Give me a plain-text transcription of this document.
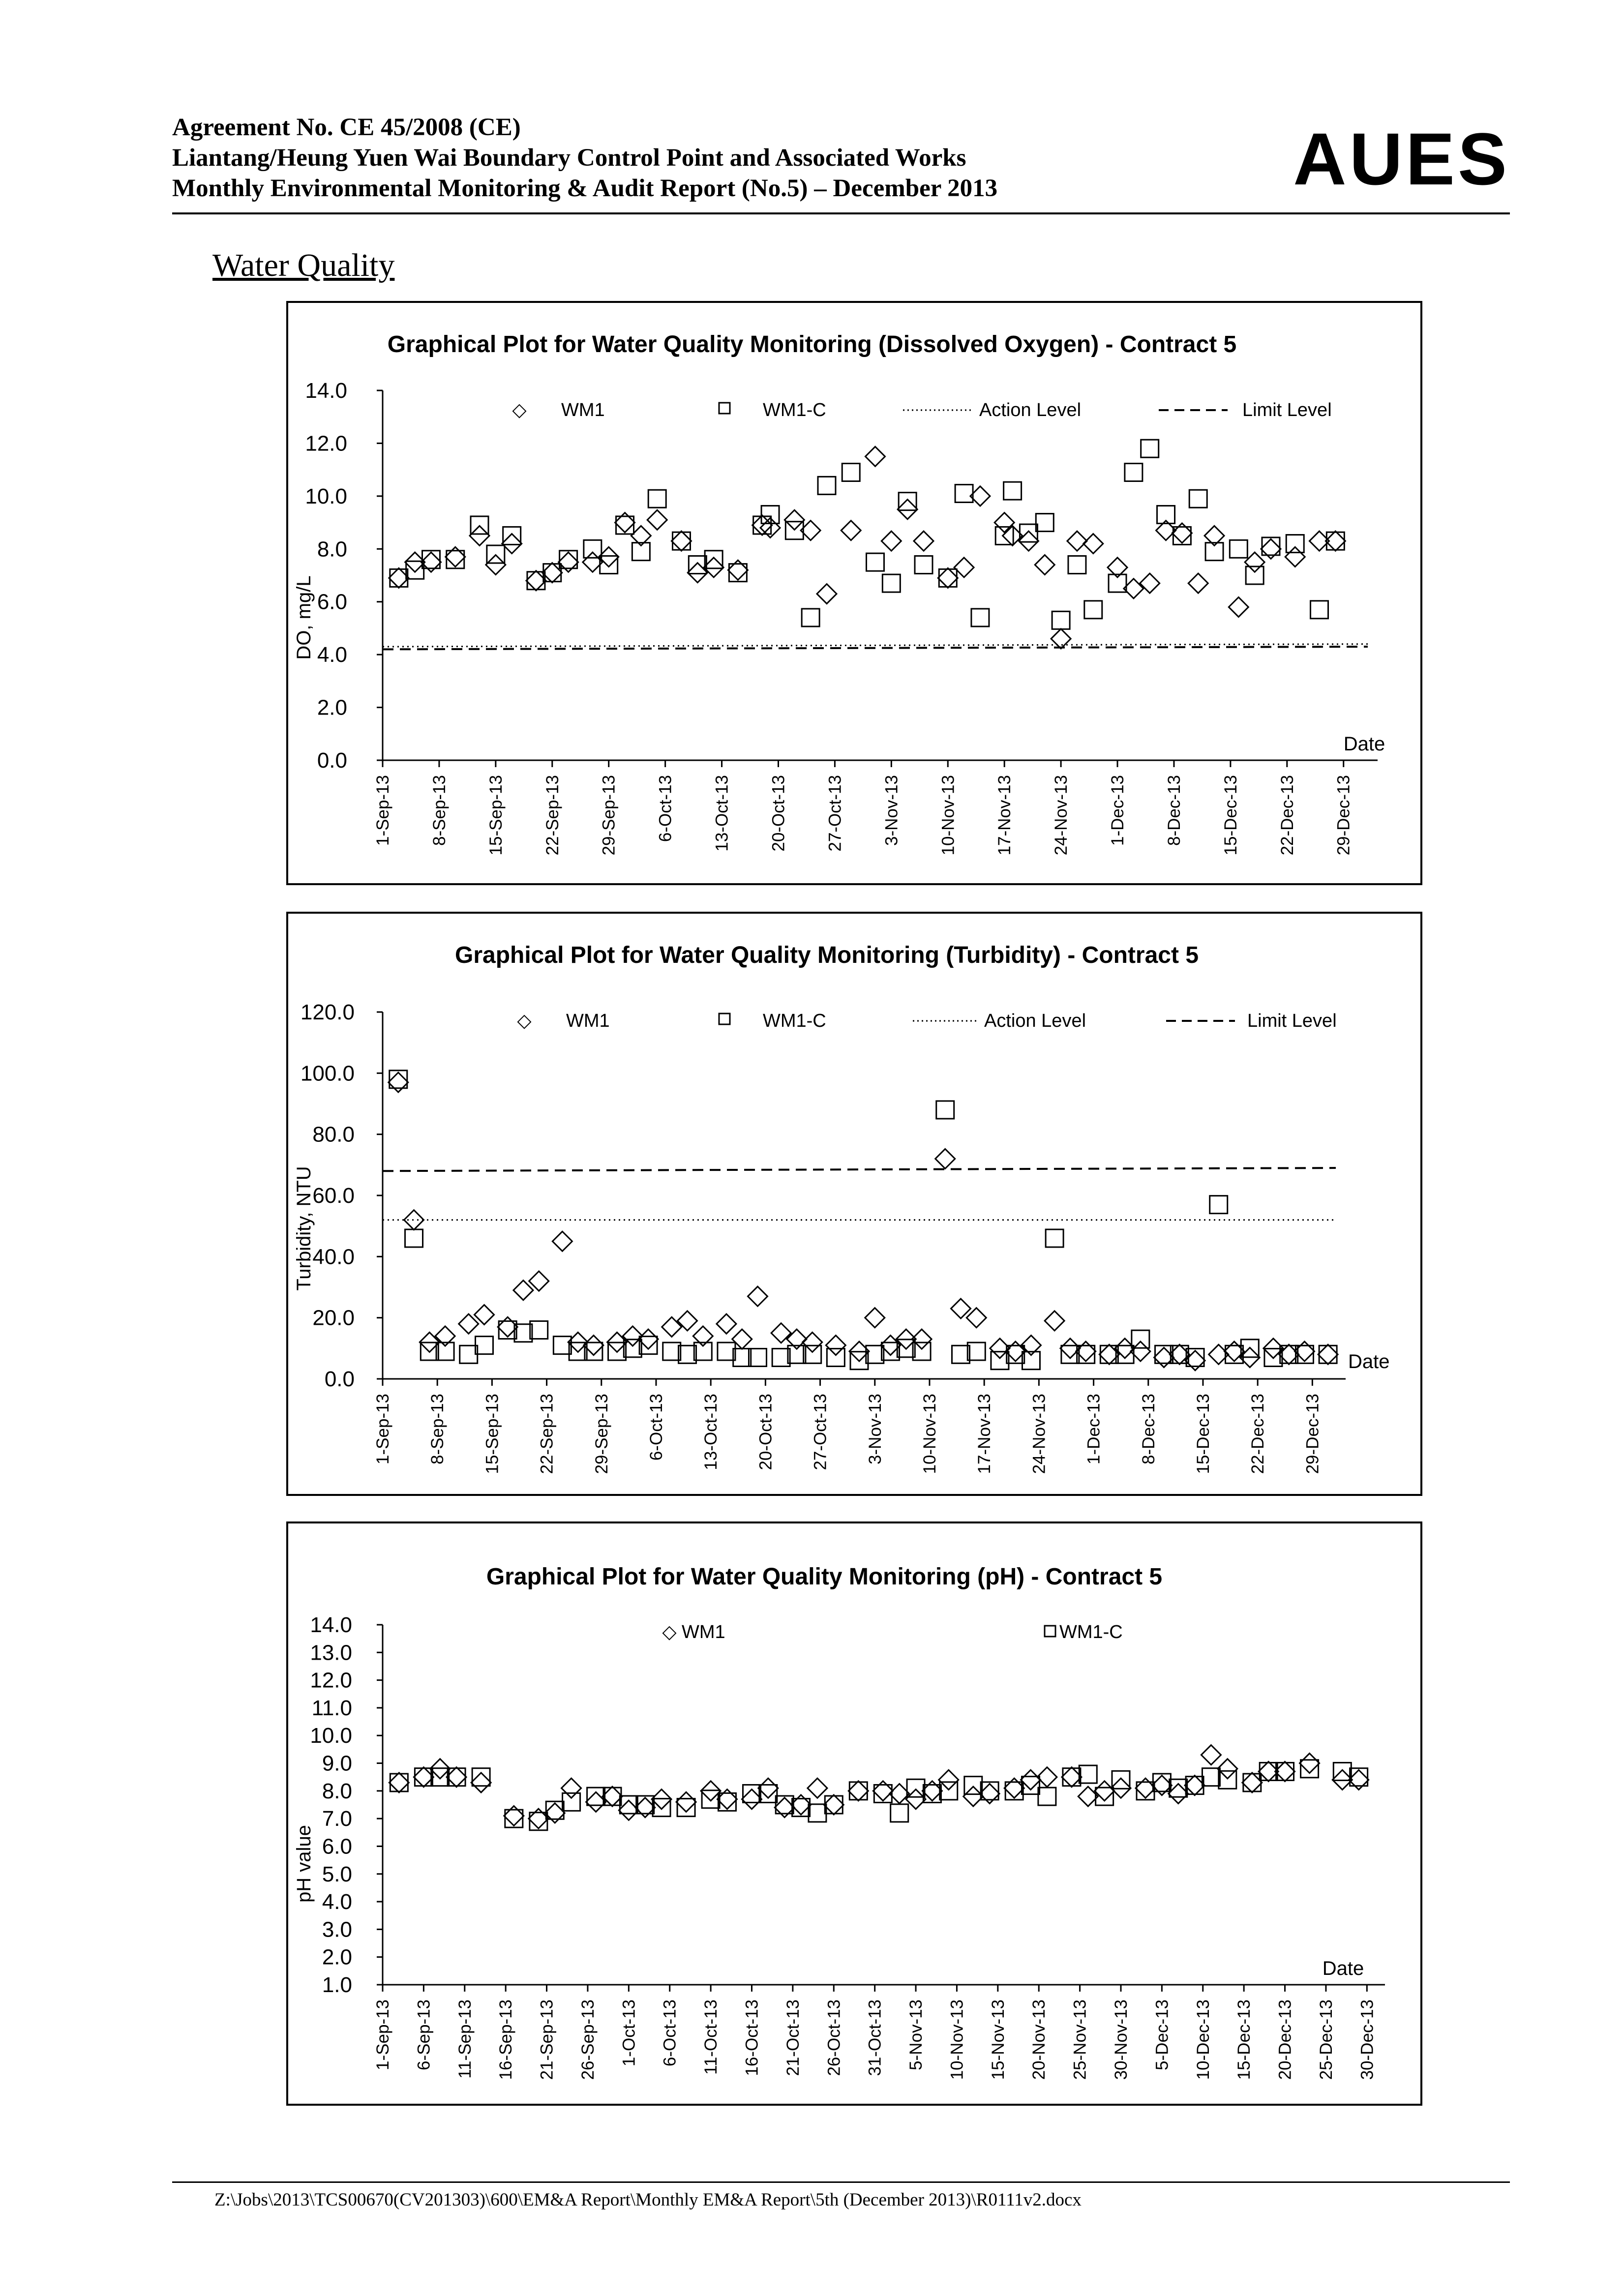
Agreement No. CE 45/2008 (CE)
Liantang/Heung Yuen Wai Boundary Control Point and Associated Works
Monthly Environmental Monitoring & Audit Report (No.5) – December 2013	AUES
Water Quality
Graphical Plot for Water Quality Monitoring (Dissolved Oxygen) - Contract 5
◇ WM1	WM1-C	Action Level	Limit Level
DO, mg/L
Date
0.0
2.0
4.0
6.0
8.0
10.0
12.0
14.0
1-Sep-13 8-Sep-13 15-Sep-13 22-Sep-13 29-Sep-13 6-Oct-13 13-Oct-13 20-Oct-13 27-Oct-13 3-Nov-13 10-Nov-13 17-Nov-13 24-Nov-13 1-Dec-13 8-Dec-13 15-Dec-13 22-Dec-13 29-Dec-13
Graphical Plot for Water Quality Monitoring (Turbidity) - Contract 5
◇ WM1	WM1-C	Action Level	Limit Level
Turbidity, NTU
Date
0.0
20.0
40.0
60.0
80.0
100.0
120.0
1-Sep-13 8-Sep-13 15-Sep-13 22-Sep-13 29-Sep-13 6-Oct-13 13-Oct-13 20-Oct-13 27-Oct-13 3-Nov-13 10-Nov-13 17-Nov-13 24-Nov-13 1-Dec-13 8-Dec-13 15-Dec-13 22-Dec-13 29-Dec-13
Graphical Plot for Water Quality Monitoring (pH) - Contract 5
◇ WM1	WM1-C
pH value
Date
1.0
2.0
3.0
4.0
5.0
6.0
7.0
8.0
9.0
10.0
11.0
12.0
13.0
14.0
1-Sep-13 6-Sep-13 11-Sep-13 16-Sep-13 21-Sep-13 26-Sep-13 1-Oct-13 6-Oct-13 11-Oct-13 16-Oct-13 21-Oct-13 26-Oct-13 31-Oct-13 5-Nov-13 10-Nov-13 15-Nov-13 20-Nov-13 25-Nov-13 30-Nov-13 5-Dec-13 10-Dec-13 15-Dec-13 20-Dec-13 25-Dec-13 30-Dec-13
Z:\Jobs\2013\TCS00670(CV201303)\600\EM&A Report\Monthly EM&A Report\5th (December 2013)\R0111v2.docx
